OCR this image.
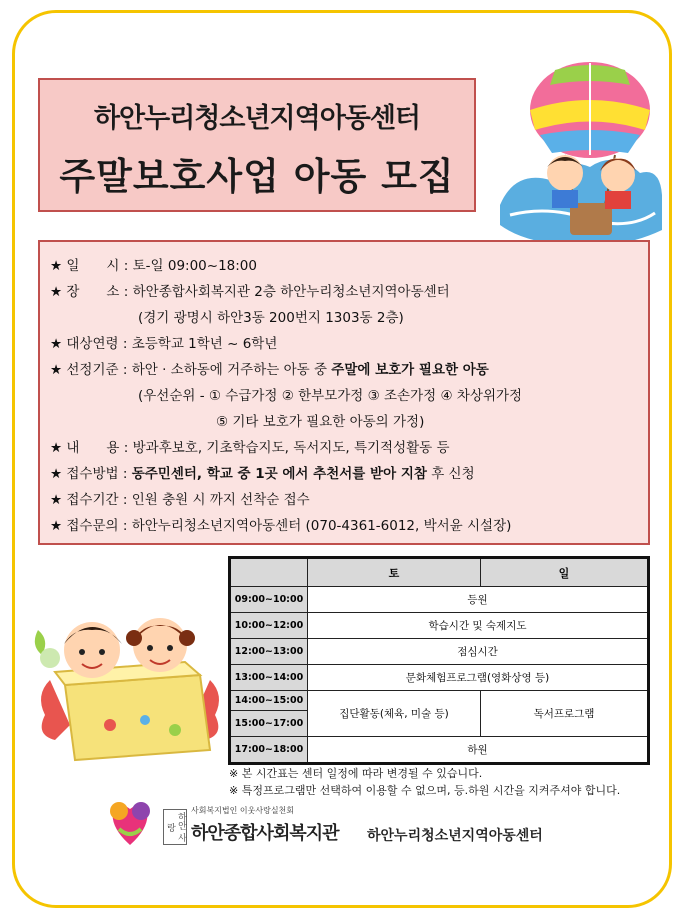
하안누리청소년지역아동센터
주말보호사업 아동 모집
★ 일　　시 : 토-일 09:00~18:00
★ 장　　소 : 하안종합사회복지관 2층 하안누리청소년지역아동센터
(경기 광명시 하안3동 200번지 1303동 2층)
★ 대상연령 : 초등학교 1학년 ~ 6학년
★ 선정기준 : 하안 · 소하동에 거주하는 아동 중 주말에 보호가 필요한 아동
(우선순위 - ① 수급가정 ② 한부모가정 ③ 조손가정 ④ 차상위가정
⑤ 기타 보호가 필요한 아동의 가정)
★ 내　　용 : 방과후보호, 기초학습지도, 독서지도, 특기적성활동 등
★ 접수방법 : 동주민센터, 학교 중 1곳 에서 추천서를 받아 지참 후 신청
★ 접수기간 : 인원 충원 시 까지 선착순 접수
★ 접수문의 : 하안누리청소년지역아동센터 (070-4361-6012, 박서윤 시설장)
	토	일
09:00~10:00	등원	
10:00~12:00	학습시간 및 숙제지도	
12:00~13:00	점심시간	
13:00~14:00	문화체험프로그램(영화상영 등)	
14:00~15:00	집단활동(체육, 미술 등)	독서프로그램
15:00~17:00		
17:00~18:00	하원	
※ 본 시간표는 센터 일정에 따라 변경될 수 있습니다.
※ 특정프로그램만 선택하여 이용할 수 없으며, 등.하원 시간을 지켜주셔야 합니다.
하안 사랑
사회복지법인 이웃사랑실천회
하안종합사회복지관 하안누리청소년지역아동센터
